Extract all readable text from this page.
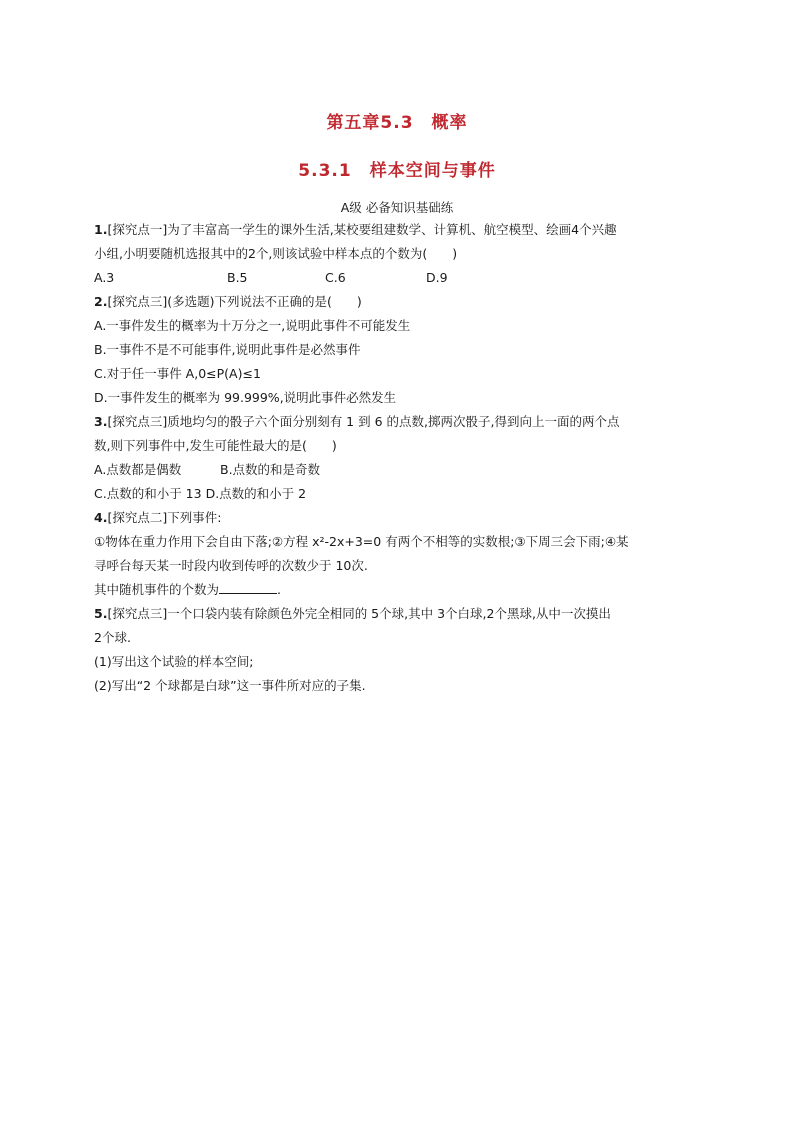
第五章5.3　概率
5.3.1　样本空间与事件
A级 必备知识基础练
1.[探究点一]为了丰富高一学生的课外生活,某校要组建数学、计算机、航空模型、绘画4个兴趣
小组,小明要随机选报其中的2个,则该试验中样本点的个数为(　　)
A.3	B.5	C.6	D.9
2.[探究点三](多选题)下列说法不正确的是(　　)
A.一事件发生的概率为十万分之一,说明此事件不可能发生
B.一事件不是不可能事件,说明此事件是必然事件
C.对于任一事件 A,0≤P(A)≤1
D.一事件发生的概率为 99.999%,说明此事件必然发生
3.[探究点三]质地均匀的骰子六个面分别刻有 1 到 6 的点数,掷两次骰子,得到向上一面的两个点
数,则下列事件中,发生可能性最大的是(　　)
A.点数都是偶数	B.点数的和是奇数
C.点数的和小于 13 D.点数的和小于 2
4.[探究点二]下列事件:
①物体在重力作用下会自由下落;②方程 x²-2x+3=0 有两个不相等的实数根;③下周三会下雨;④某
寻呼台每天某一时段内收到传呼的次数少于 10次.
其中随机事件的个数为	.
5.[探究点三]一个口袋内装有除颜色外完全相同的 5个球,其中 3个白球,2个黑球,从中一次摸出
2个球.
(1)写出这个试验的样本空间;
(2)写出“2 个球都是白球”这一事件所对应的子集.
